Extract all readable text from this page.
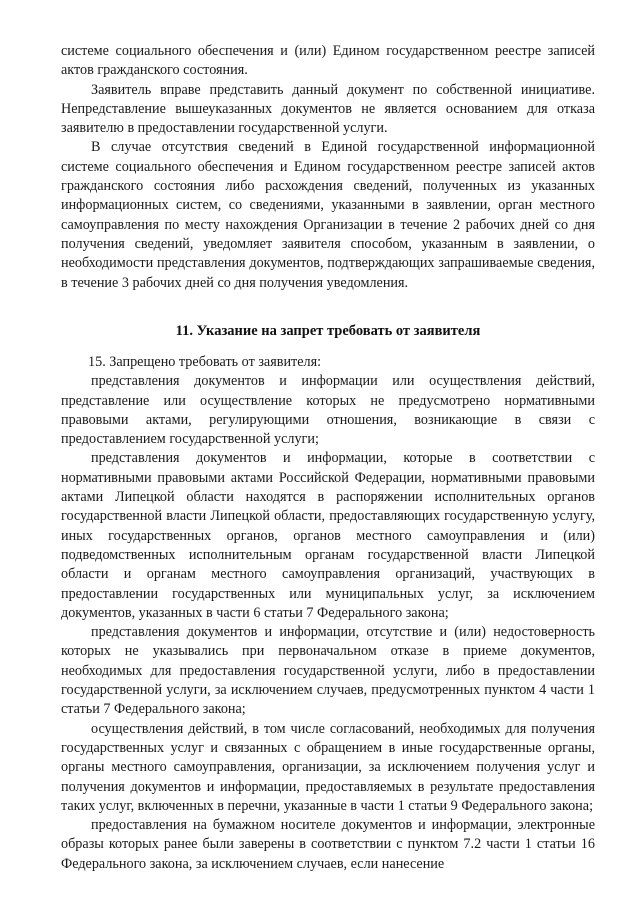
системе социального обеспечения и (или) Едином государственном реестре записей актов гражданского состояния.

Заявитель вправе представить данный документ по собственной инициативе. Непредставление вышеуказанных документов не является основанием для отказа заявителю в предоставлении государственной услуги.

В случае отсутствия сведений в Единой государственной информационной системе социального обеспечения и Едином государственном реестре записей актов гражданского состояния либо расхождения сведений, полученных из указанных информационных систем, со сведениями, указанными в заявлении, орган местного самоуправления по месту нахождения Организации в течение 2 рабочих дней со дня получения сведений, уведомляет заявителя способом, указанным в заявлении, о необходимости представления документов, подтверждающих запрашиваемые сведения, в течение 3 рабочих дней со дня получения уведомления.

11. Указание на запрет требовать от заявителя

15. Запрещено требовать от заявителя:

представления документов и информации или осуществления действий, представление или осуществление которых не предусмотрено нормативными правовыми актами, регулирующими отношения, возникающие в связи с предоставлением государственной услуги;

представления документов и информации, которые в соответствии с нормативными правовыми актами Российской Федерации, нормативными правовыми актами Липецкой области находятся в распоряжении исполнительных органов государственной власти Липецкой области, предоставляющих государственную услугу, иных государственных органов, органов местного самоуправления и (или) подведомственных исполнительным органам государственной власти Липецкой области и органам местного самоуправления организаций, участвующих в предоставлении государственных или муниципальных услуг, за исключением документов, указанных в части 6 статьи 7 Федерального закона;

представления документов и информации, отсутствие и (или) недостоверность которых не указывались при первоначальном отказе в приеме документов, необходимых для предоставления государственной услуги, либо в предоставлении государственной услуги, за исключением случаев, предусмотренных пунктом 4 части 1 статьи 7 Федерального закона;

осуществления действий, в том числе согласований, необходимых для получения государственных услуг и связанных с обращением в иные государственные органы, органы местного самоуправления, организации, за исключением получения услуг и получения документов и информации, предоставляемых в результате предоставления таких услуг, включенных в перечни, указанные в части 1 статьи 9 Федерального закона;

предоставления на бумажном носителе документов и информации, электронные образы которых ранее были заверены в соответствии с пунктом 7.2 части 1 статьи 16 Федерального закона, за исключением случаев, если нанесение
